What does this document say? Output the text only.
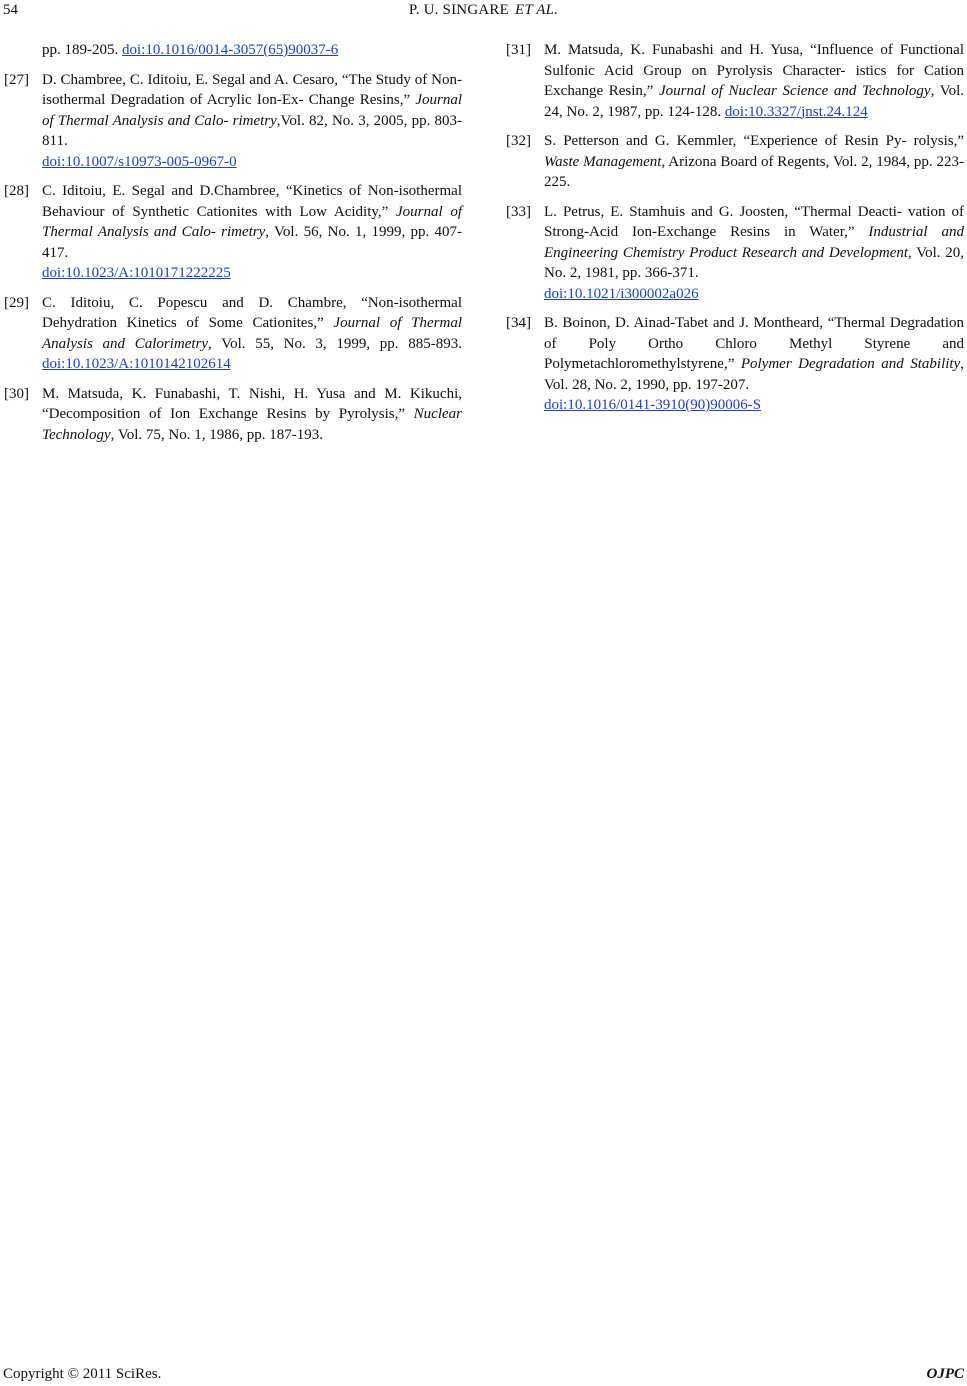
54	P. U. SINGARE ET AL.
pp. 189-205. doi:10.1016/0014-3057(65)90037-6
[27] D. Chambree, C. Iditoiu, E. Segal and A. Cesaro, “The Study of Non-isothermal Degradation of Acrylic Ion-Ex- Change Resins,” Journal of Thermal Analysis and Calo- rimetry,Vol. 82, No. 3, 2005, pp. 803-811.
doi:10.1007/s10973-005-0967-0
[28] C. Iditoiu, E. Segal and D.Chambree, “Kinetics of Non-isothermal Behaviour of Synthetic Cationites with Low Acidity,” Journal of Thermal Analysis and Calo- rimetry, Vol. 56, No. 1, 1999, pp. 407-417.
doi:10.1023/A:1010171222225
[29] C. Iditoiu, C. Popescu and D. Chambre, “Non-isothermal Dehydration Kinetics of Some Cationites,” Journal of Thermal Analysis and Calorimetry, Vol. 55, No. 3, 1999, pp. 885-893. doi:10.1023/A:1010142102614
[30] M. Matsuda, K. Funabashi, T. Nishi, H. Yusa and M. Kikuchi, “Decomposition of Ion Exchange Resins by Pyrolysis,” Nuclear Technology, Vol. 75, No. 1, 1986, pp. 187-193.
[31] M. Matsuda, K. Funabashi and H. Yusa, “Influence of Functional Sulfonic Acid Group on Pyrolysis Character- istics for Cation Exchange Resin,” Journal of Nuclear Science and Technology, Vol. 24, No. 2, 1987, pp. 124-128. doi:10.3327/jnst.24.124
[32] S. Petterson and G. Kemmler, “Experience of Resin Py- rolysis,” Waste Management, Arizona Board of Regents, Vol. 2, 1984, pp. 223-225.
[33] L. Petrus, E. Stamhuis and G. Joosten, “Thermal Deacti- vation of Strong-Acid Ion-Exchange Resins in Water,” Industrial and Engineering Chemistry Product Research and Development, Vol. 20, No. 2, 1981, pp. 366-371.
doi:10.1021/i300002a026
[34] B. Boinon, D. Ainad-Tabet and J. Montheard, “Thermal Degradation of Poly Ortho Chloro Methyl Styrene and Polymetachloromethylstyrene,” Polymer Degradation and Stability, Vol. 28, No. 2, 1990, pp. 197-207.
doi:10.1016/0141-3910(90)90006-S
Copyright © 2011 SciRes.	OJPC
